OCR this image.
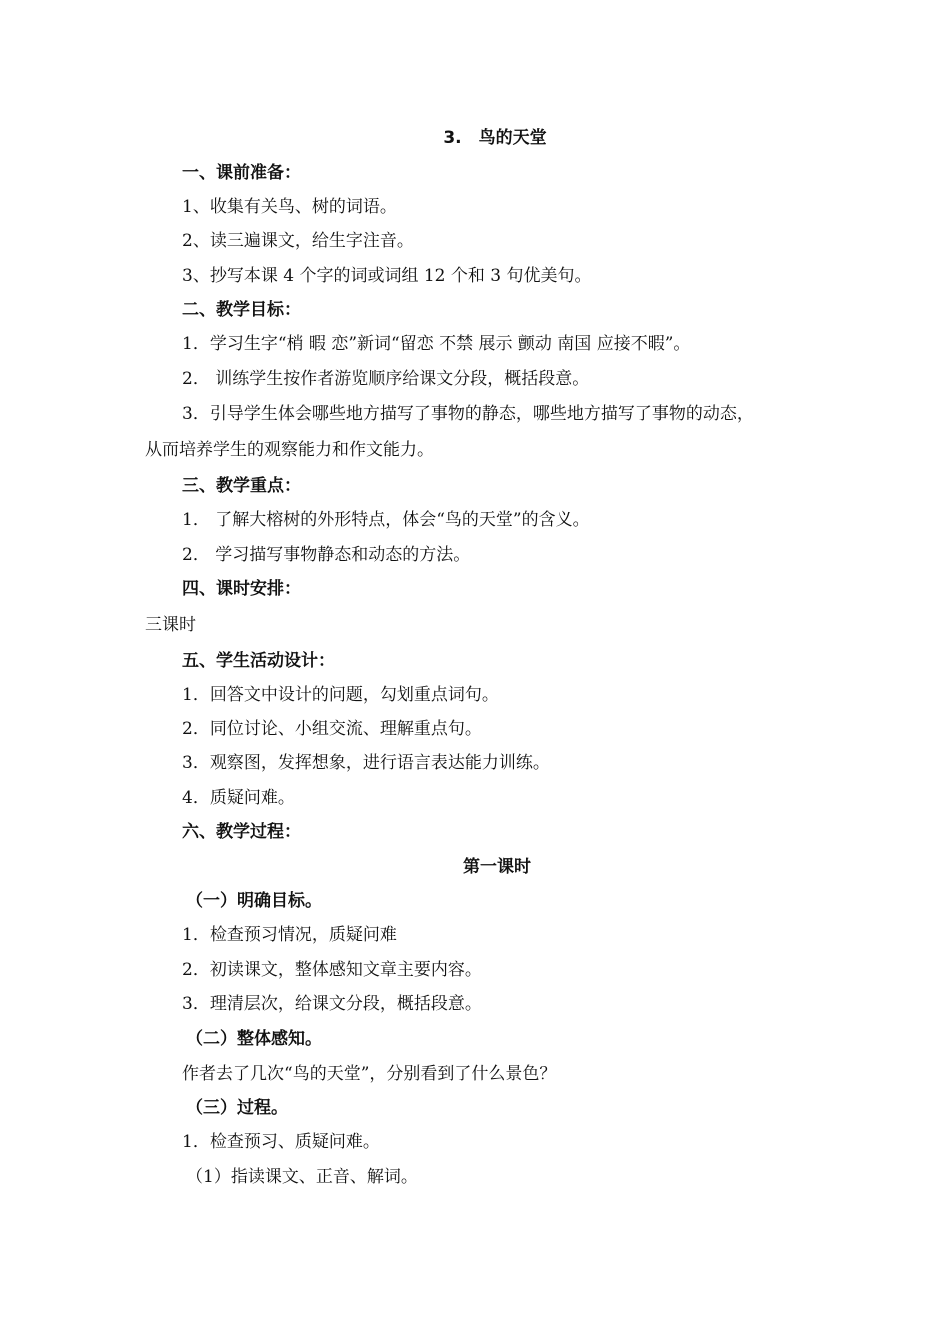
3.　鸟的天堂
一、课前准备：
1、收集有关鸟、树的词语。
2、读三遍课文，给生字注音。
3、抄写本课 4 个字的词或词组 12 个和 3 句优美句。
二、教学目标：
1．学习生字“梢 暇 恋”新词“留恋 不禁 展示 颤动 南国 应接不暇”。
2． 训练学生按作者游览顺序给课文分段，概括段意。
3．引导学生体会哪些地方描写了事物的静态，哪些地方描写了事物的动态，
从而培养学生的观察能力和作文能力。
三、教学重点：
1． 了解大榕树的外形特点，体会“鸟的天堂”的含义。
2． 学习描写事物静态和动态的方法。
四、课时安排：
三课时
五、学生活动设计：
1．回答文中设计的问题，勾划重点词句。
2．同位讨论、小组交流、理解重点句。
3．观察图，发挥想象，进行语言表达能力训练。
4．质疑问难。
六、教学过程：
第一课时
（一）明确目标。
1．检查预习情况，质疑问难
2．初读课文，整体感知文章主要内容。
3．理清层次，给课文分段，概括段意。
（二）整体感知。
作者去了几次“鸟的天堂”，分别看到了什么景色？
（三）过程。
1．检查预习、质疑问难。
（1）指读课文、正音、解词。
